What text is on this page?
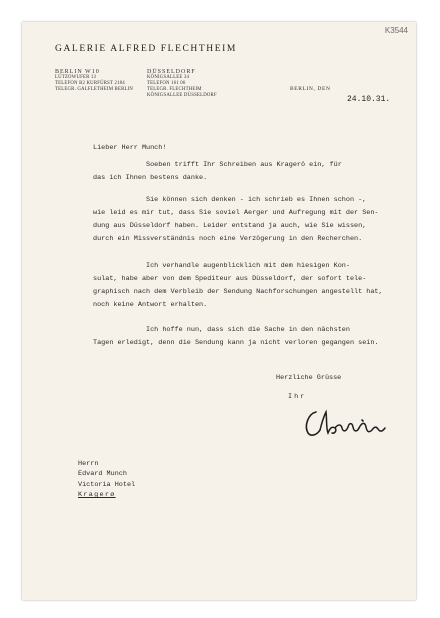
K3544
GALERIE ALFRED FLECHTHEIM
BERLIN W10
LÜTZOWUFER 13
TELEFON B2 KURFÜRST 2184
TELEGR. GALFLETHEIM BERLIN
DÜSSELDORF
KÖNIGSALLEE 34
TELEFON 161 06
TELEGR. FLECHTHEIM
KÖNIGSALLEE DÜSSELDORF
BERLIN, DEN
24.10.31.
Lieber Herr Munch!
Soeben trifft Ihr Schreiben aus Kragerö ein, für
das ich Ihnen bestens danke.
Sie können sich denken - ich schrieb es Ihnen schon -,
wie leid es mir tut, dass Sie soviel Aerger und Aufregung mit der Sen-
dung aus Düsseldorf haben. Leider entstand ja auch, wie Sie wissen,
durch ein Missverständnis noch eine Verzögerung in den Recherchen.
Ich verhandle augenblicklich mit dem hiesigen Kon-
sulat, habe aber von dem Spediteur aus Düsseldorf, der sofort tele-
graphisch nach dem Verbleib der Sendung Nachforschungen angestellt hat,
noch keine Antwort erhalten.
Ich hoffe nun, dass sich die Sache in den nächsten
Tagen erledigt, denn die Sendung kann ja nicht verloren gegangen sein.
Herzliche Grüsse
Ihr
Herrn
Edvard Munch
Victoria Hotel
Kragerø
